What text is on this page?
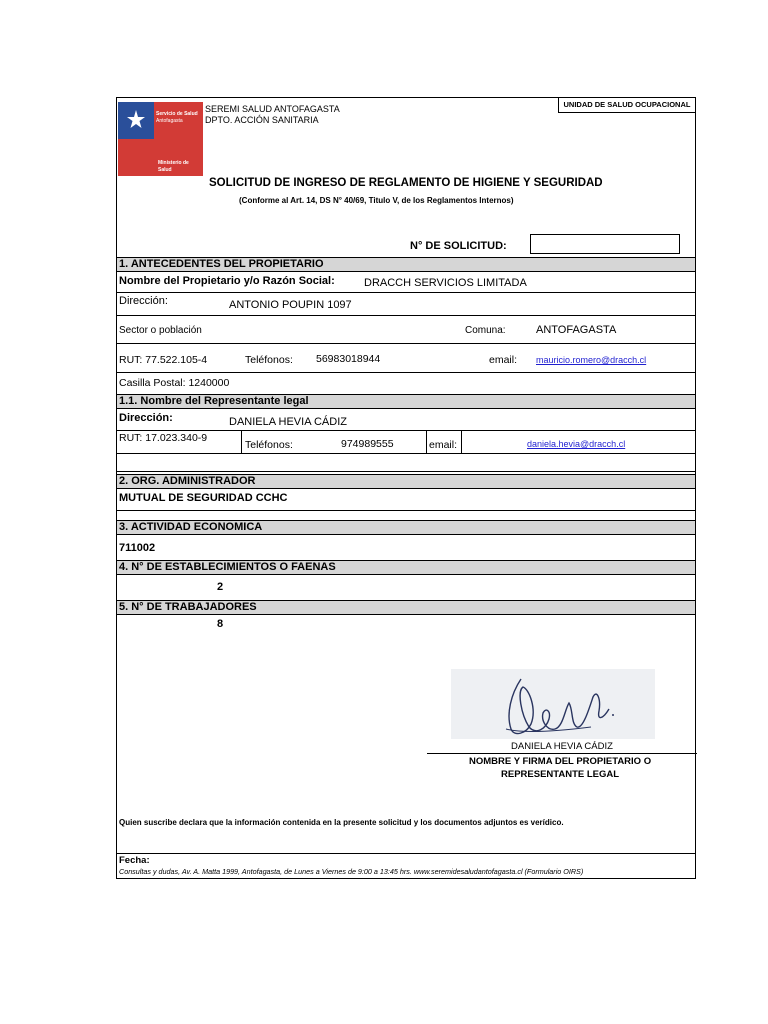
Servicio de Salud
Antofagasta
Ministerio de
Salud
SEREMI SALUD ANTOFAGASTA
DPTO. ACCIÓN SANITARIA
UNIDAD DE SALUD OCUPACIONAL
SOLICITUD DE INGRESO DE REGLAMENTO DE HIGIENE Y SEGURIDAD
(Conforme al Art. 14, DS N° 40/69, Titulo V, de los Reglamentos Internos)
N° DE SOLICITUD:
1. ANTECEDENTES DEL PROPIETARIO
Nombre del Propietario y/o Razón Social:	DRACCH SERVICIOS LIMITADA
Dirección:	ANTONIO POUPIN 1097
Sector o población	Comuna:	ANTOFAGASTA
RUT: 77.522.105-4	Teléfonos: 56983018944	email: mauricio.romero@dracch.cl
Casilla Postal: 1240000
1.1. Nombre del Representante legal
Dirección:	DANIELA HEVIA CÁDIZ
RUT: 17.023.340-9
Teléfonos:	974989555	email:	daniela.hevia@dracch.cl
2. ORG. ADMINISTRADOR
MUTUAL DE SEGURIDAD CCHC
3. ACTIVIDAD ECONOMICA
711002
4. N° DE ESTABLECIMIENTOS O FAENAS
2
5. N° DE TRABAJADORES
8
DANIELA HEVIA CÁDIZ
NOMBRE Y FIRMA DEL PROPIETARIO O
REPRESENTANTE LEGAL
Quien suscribe declara que la información contenida en la presente solicitud y los documentos adjuntos es verídico.
Fecha:
Consultas y dudas, Av. A. Matta 1999, Antofagasta, de Lunes a Viernes de 9:00 a 13:45 hrs. www.seremidesaludantofagasta.cl (Formulario OIRS)
